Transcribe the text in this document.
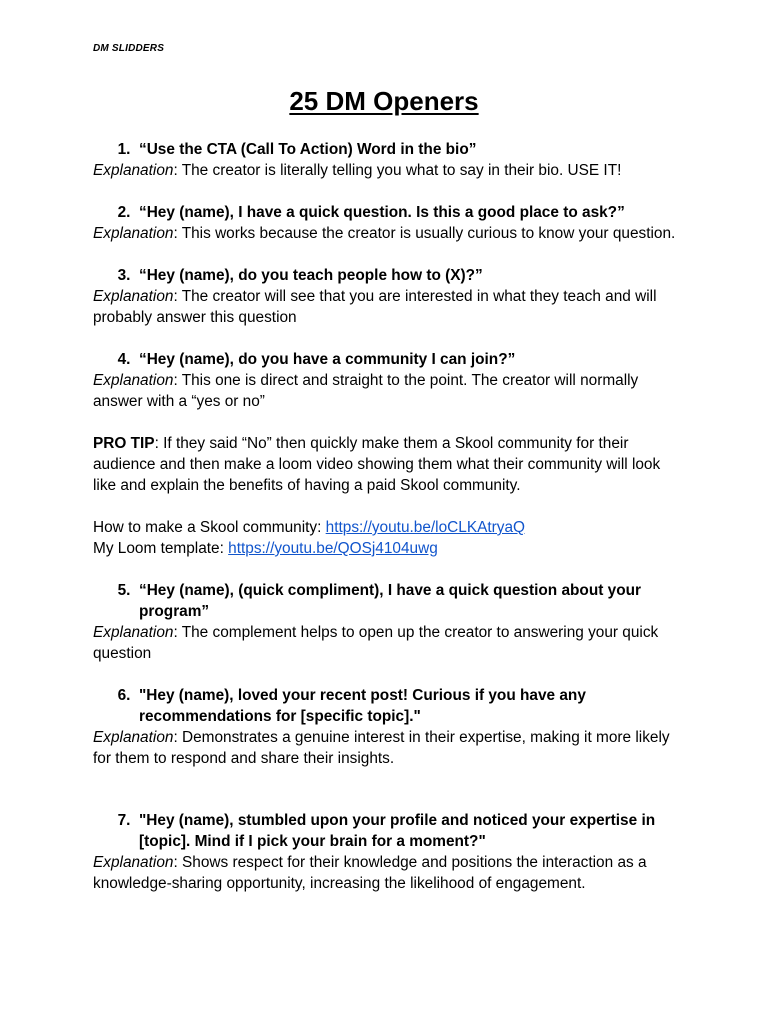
DM SLIDDERS
25 DM Openers
1. “Use the CTA (Call To Action) Word in the bio”

Explanation: The creator is literally telling you what to say in their bio. USE IT!

2. “Hey (name), I have a quick question. Is this a good place to ask?”

Explanation: This works because the creator is usually curious to know your question.

3. “Hey (name), do you teach people how to (X)?”

Explanation: The creator will see that you are interested in what they teach and will probably answer this question

4. “Hey (name), do you have a community I can join?”

Explanation: This one is direct and straight to the point. The creator will normally answer with a “yes or no”

PRO TIP: If they said “No” then quickly make them a Skool community for their audience and then make a loom video showing them what their community will look like and explain the benefits of having a paid Skool community.

How to make a Skool community: https://youtu.be/loCLKAtryaQ

My Loom template: https://youtu.be/QOSj4104uwg

5. “Hey (name), (quick compliment), I have a quick question about your program”

Explanation: The complement helps to open up the creator to answering your quick question

6. "Hey (name), loved your recent post! Curious if you have any recommendations for [specific topic]."

Explanation: Demonstrates a genuine interest in their expertise, making it more likely for them to respond and share their insights.

7. "Hey (name), stumbled upon your profile and noticed your expertise in [topic]. Mind if I pick your brain for a moment?"

Explanation: Shows respect for their knowledge and positions the interaction as a knowledge-sharing opportunity, increasing the likelihood of engagement.
